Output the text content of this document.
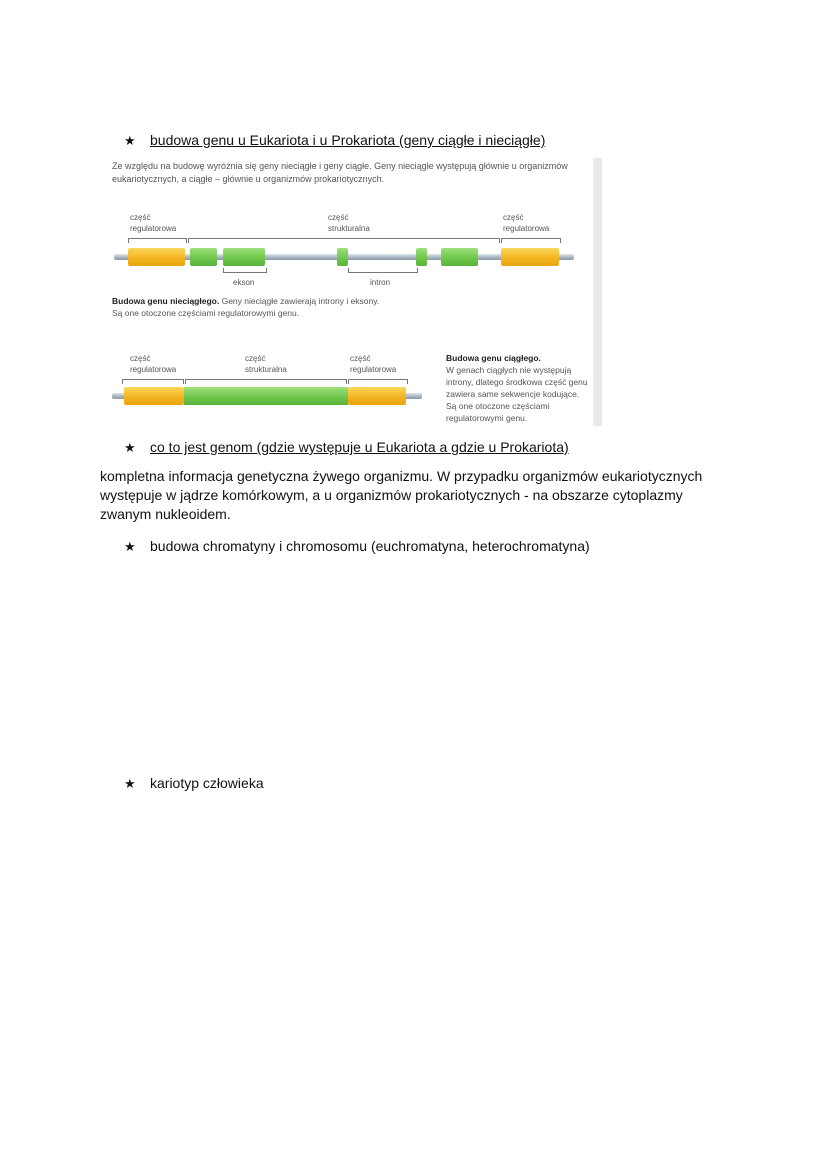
★	budowa genu u Eukariota i u Prokariota (geny ciągłe i nieciągłe)
Ze względu na budowę wyróżnia się geny nieciągłe i geny ciągłe. Geny nieciągłe występują głównie u organizmów eukariotycznych, a ciągłe – głównie u organizmów prokariotycznych.
część
regulatorowa
część
strukturalna
część
regulatorowa
ekson	intron
Budowa genu nieciągłego. Geny nieciągłe zawierają introny i eksony.
Są one otoczone częściami regulatorowymi genu.
część
regulatorowa
część
strukturalna
część
regulatorowa
Budowa genu ciągłego.
W genach ciągłych nie występują introny, dlatego środkowa część genu zawiera same sekwencje kodujące. Są one otoczone częściami regulatorowymi genu.
★	co to jest genom (gdzie występuje u Eukariota a gdzie u Prokariota)

kompletna informacja genetyczna żywego organizmu. W przypadku organizmów eukariotycznych występuje w jądrze komórkowym, a u organizmów prokariotycznych - na obszarze cytoplazmy zwanym nukleoidem.

★	budowa chromatyny i chromosomu (euchromatyna, heterochromatyna)
★	kariotyp człowieka
